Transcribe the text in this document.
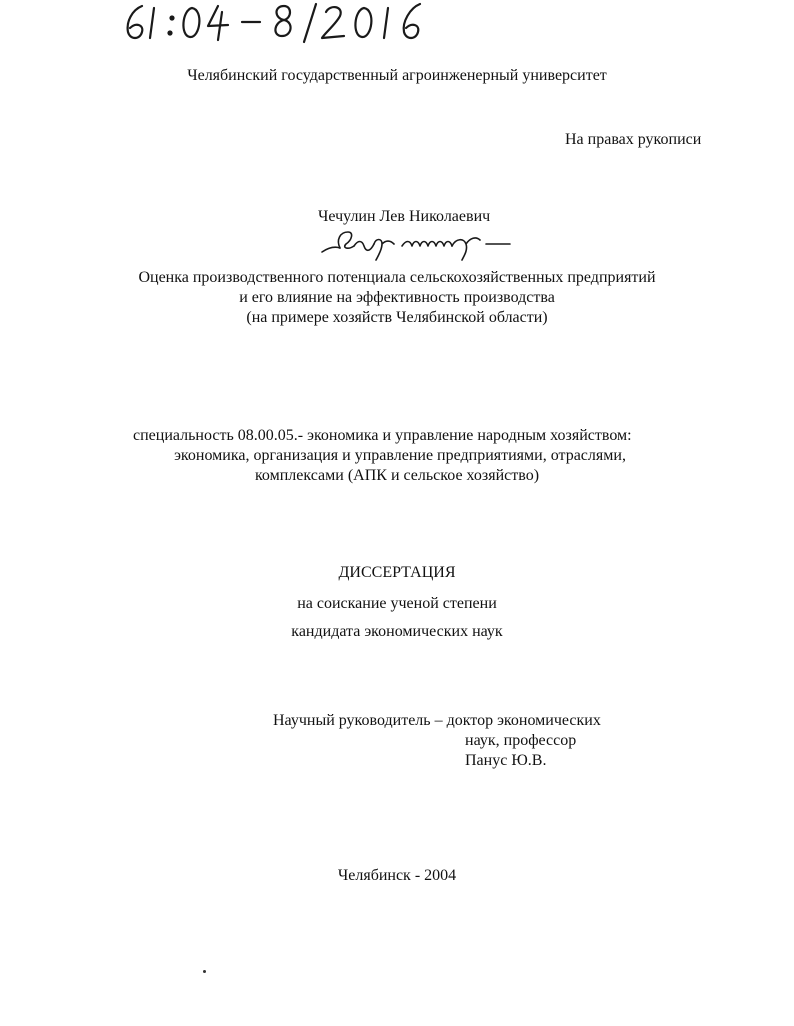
Челябинский государственный агроинженерный университет
На правах рукописи
Чечулин Лев Николаевич
Оценка производственного потенциала сельскохозяйственных предприятий
и его влияние на эффективность производства
(на примере хозяйств Челябинской области)
специальность 08.00.05.- экономика и управление народным хозяйством:
экономика, организация и управление предприятиями, отраслями,
комплексами (АПК и сельское хозяйство)
ДИССЕРТАЦИЯ
на соискание ученой степени
кандидата экономических наук
Научный руководитель – доктор экономических
наук, профессор
Панус Ю.В.
Челябинск - 2004
